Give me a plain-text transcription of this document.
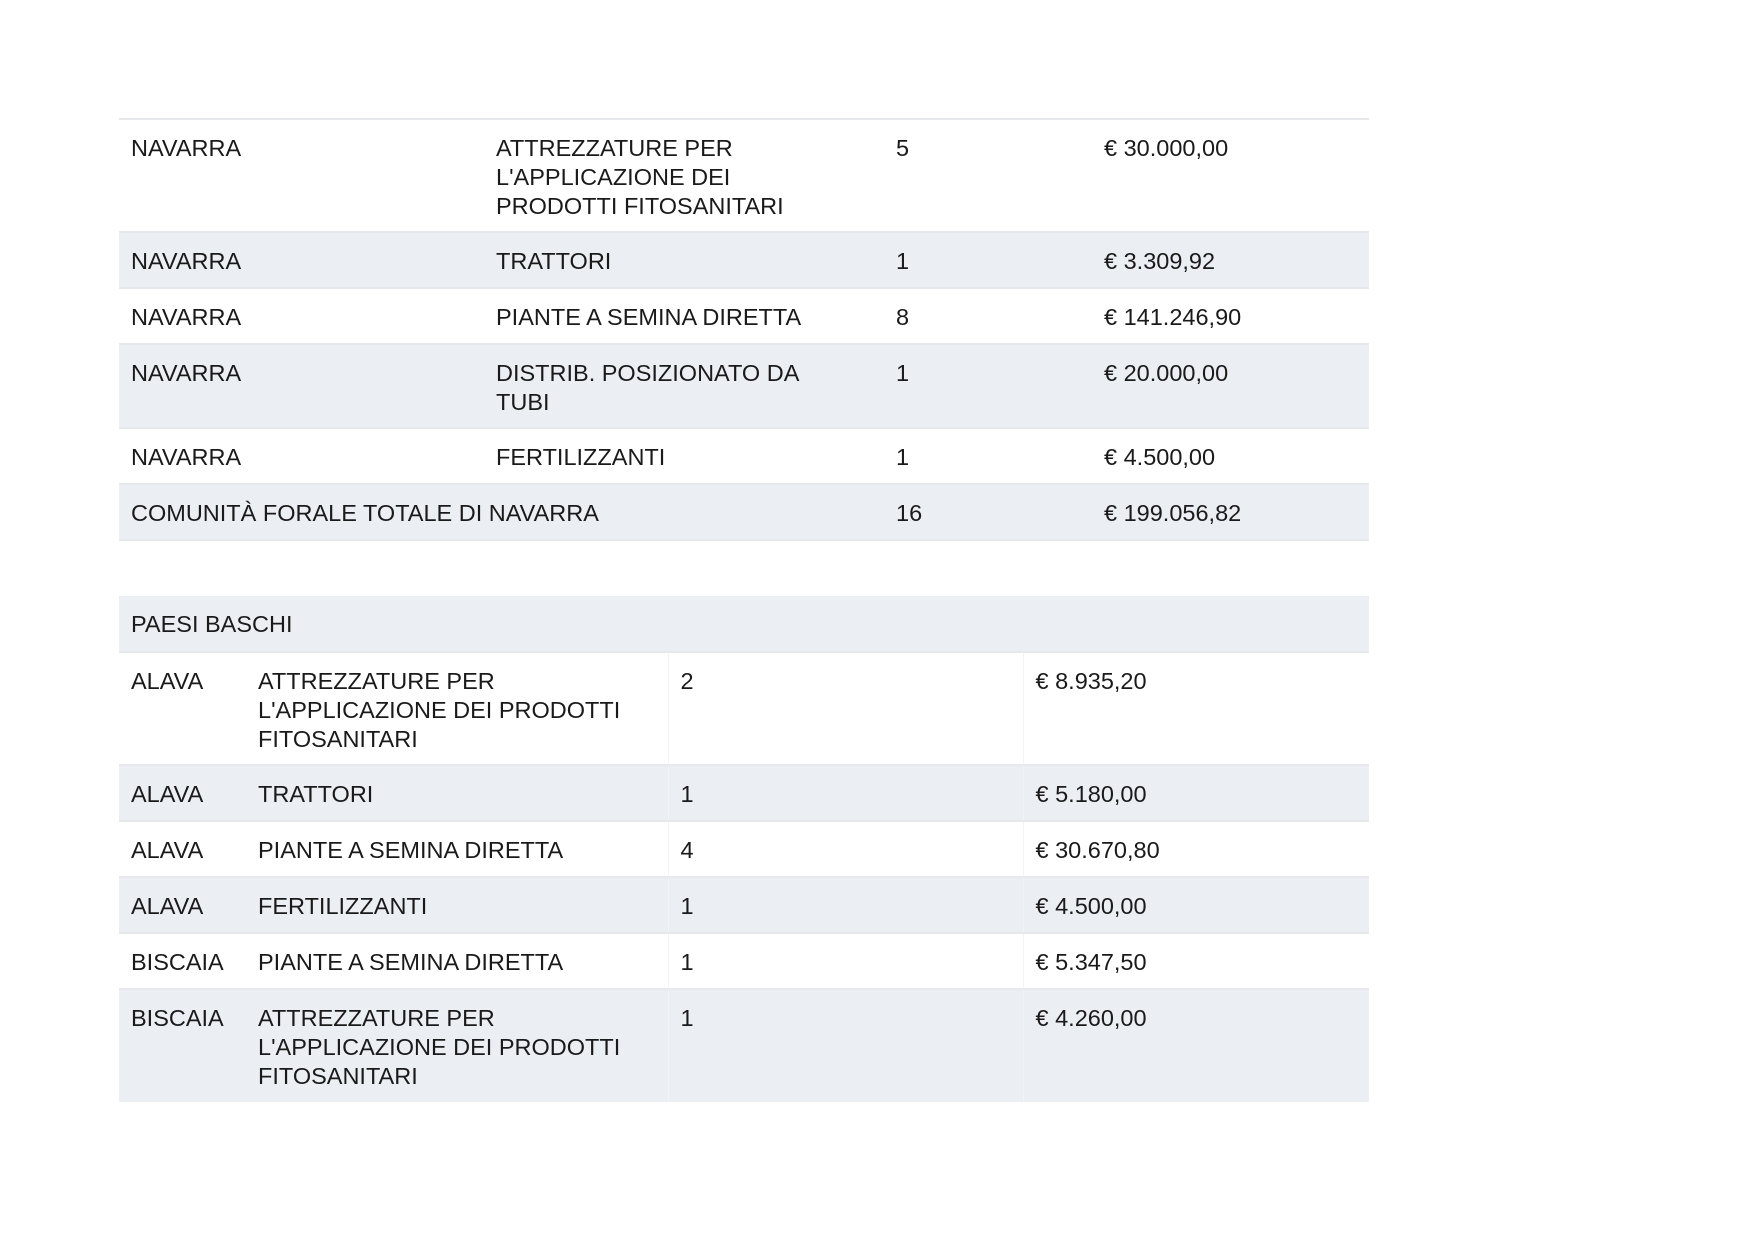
NAVARRA	ATTREZZATURE PER L'APPLICAZIONE DEI PRODOTTI FITOSANITARI	5	€ 30.000,00
NAVARRA	TRATTORI	1	€ 3.309,92
NAVARRA	PIANTE A SEMINA DIRETTA	8	€ 141.246,90
NAVARRA	DISTRIB. POSIZIONATO DA TUBI	1	€ 20.000,00
NAVARRA	FERTILIZZANTI	1	€ 4.500,00
COMUNITÀ FORALE TOTALE DI NAVARRA		16	€ 199.056,82
PAESI BASCHI			
ALAVA	ATTREZZATURE PER L'APPLICAZIONE DEI PRODOTTI FITOSANITARI	2	€ 8.935,20
ALAVA	TRATTORI	1	€ 5.180,00
ALAVA	PIANTE A SEMINA DIRETTA	4	€ 30.670,80
ALAVA	FERTILIZZANTI	1	€ 4.500,00
BISCAIA	PIANTE A SEMINA DIRETTA	1	€ 5.347,50
BISCAIA	ATTREZZATURE PER L'APPLICAZIONE DEI PRODOTTI FITOSANITARI	1	€ 4.260,00
